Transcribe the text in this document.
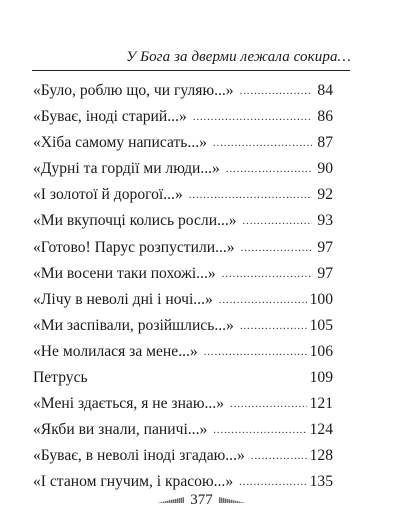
У Бога за дверми лежала сокира…
«Було, роблю що, чи гуляю...» . . .	84
«Буває, іноді старий...» . . .	86
«Хіба самому написать...» . . .	87
«Дурні та гордії ми люди...» . . .	90
«І золотої й дорогої...» . . .	92
«Ми вкупочці колись росли...» . . .	93
«Готово! Парус розпустили...» . . .	97
«Ми восени таки похожі...» . . .	97
«Лічу в неволі дні і ночі...» . . .	100
«Ми заспівали, розійшлись...» . . .	105
«Не молилася за мене...» . . .	106
Петрусь	109
«Мені здається, я не знаю...» . . .	121
«Якби ви знали, паничі...» . . .	124
«Буває, в неволі іноді згадаю...» . . .	128
«І станом гнучим, і красою...» . . .	135
377
